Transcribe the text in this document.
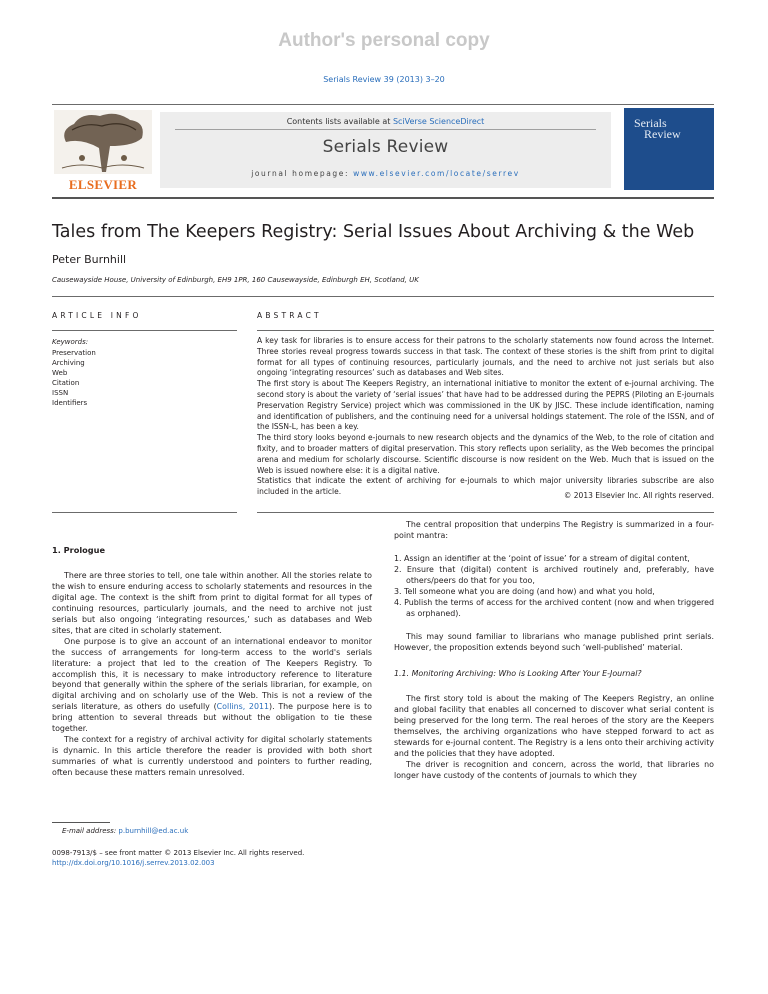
Author's personal copy
Serials Review 39 (2013) 3–20
ELSEVIER
Contents lists available at SciVerse ScienceDirect
Serials Review
journal homepage: www.elsevier.com/locate/serrev
Serials
Review
Tales from The Keepers Registry: Serial Issues About Archiving & the Web
Peter Burnhill
Causewayside House, University of Edinburgh, EH9 1PR, 160 Causewayside, Edinburgh EH, Scotland, UK
ARTICLE INFO	ABSTRACT
Keywords:
Preservation
Archiving
Web
Citation
ISSN
Identifiers

A key task for libraries is to ensure access for their patrons to the scholarly statements now found across the Internet. Three stories reveal progress towards success in that task. The context of these stories is the shift from print to digital format for all types of continuing resources, particularly journals, and the need to archive not just serials but also ongoing ‘integrating resources’ such as databases and Web sites.

The first story is about The Keepers Registry, an international initiative to monitor the extent of e-journal archiving. The second story is about the variety of ‘serial issues’ that have had to be addressed during the PEPRS (Piloting an E-journals Preservation Registry Service) project which was commissioned in the UK by JISC. These include identification, naming and identification of publishers, and the continuing need for a universal holdings statement. The role of the ISSN, and of the ISSN-L, has been a key.

The third story looks beyond e-journals to new research objects and the dynamics of the Web, to the role of citation and fixity, and to broader matters of digital preservation. This story reflects upon seriality, as the Web becomes the principal arena and medium for scholarly discourse. Scientific discourse is now resident on the Web. Much that is issued on the Web is issued nowhere else: it is a digital native.

Statistics that indicate the extent of archiving for e-journals to which major university libraries subscribe are also included in the article.	© 2013 Elsevier Inc. All rights reserved.
1. Prologue

There are three stories to tell, one tale within another. All the stories relate to the wish to ensure enduring access to scholarly statements and resources in the digital age. The context is the shift from print to digital format for all types of continuing resources, particularly journals, and the need to archive not just serials but also ongoing ‘integrating resources,’ such as databases and Web sites, that are cited in scholarly statement.

One purpose is to give an account of an international endeavor to monitor the success of arrangements for long-term access to the world's serials literature: a project that led to the creation of The Keepers Registry. To accomplish this, it is necessary to make introductory reference to literature beyond that generally within the sphere of the serials librarian, for example, on digital archiving and on scholarly use of the Web. This is not a review of the serials literature, as others do usefully (Collins, 2011). The purpose here is to bring attention to several threads but without the obligation to tie these together.

The context for a registry of archival activity for digital scholarly statements is dynamic. In this article therefore the reader is provided with both short summaries of what is currently understood and pointers to further reading, often because these matters remain unresolved.

E-mail address: p.burnhill@ed.ac.uk
0098-7913/$ – see front matter © 2013 Elsevier Inc. All rights reserved.
http://dx.doi.org/10.1016/j.serrev.2013.02.003

The central proposition that underpins The Registry is summarized in a four-point mantra:

1. Assign an identifier at the ‘point of issue’ for a stream of digital content,
2. Ensure that (digital) content is archived routinely and, preferably, have others/peers do that for you too,
3. Tell someone what you are doing (and how) and what you hold,
4. Publish the terms of access for the archived content (now and when triggered as orphaned).

This may sound familiar to librarians who manage published print serials. However, the proposition extends beyond such ‘well-published’ material.

1.1. Monitoring Archiving: Who is Looking After Your E-Journal?

The first story told is about the making of The Keepers Registry, an online and global facility that enables all concerned to discover what serial content is being preserved for the long term. The real heroes of the story are the Keepers themselves, the archiving organizations who have stepped forward to act as stewards for e-journal content. The Registry is a lens onto their archiving activity and the policies that they have adopted.

The driver is recognition and concern, across the world, that libraries no longer have custody of the contents of journals to which they
